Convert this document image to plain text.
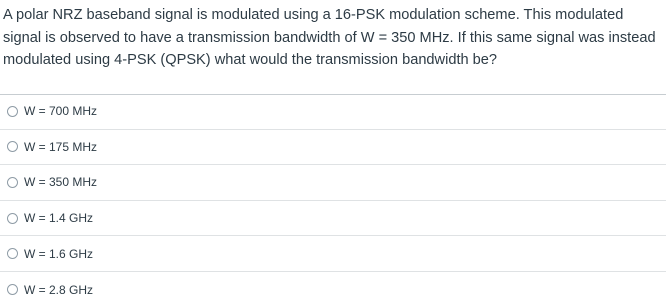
A polar NRZ baseband signal is modulated using a 16-PSK modulation scheme. This modulated
signal is observed to have a transmission bandwidth of W = 350 MHz. If this same signal was instead
modulated using 4-PSK (QPSK) what would the transmission bandwidth be?
W = 700 MHz
W = 175 MHz
W = 350 MHz
W = 1.4 GHz
W = 1.6 GHz
W = 2.8 GHz
